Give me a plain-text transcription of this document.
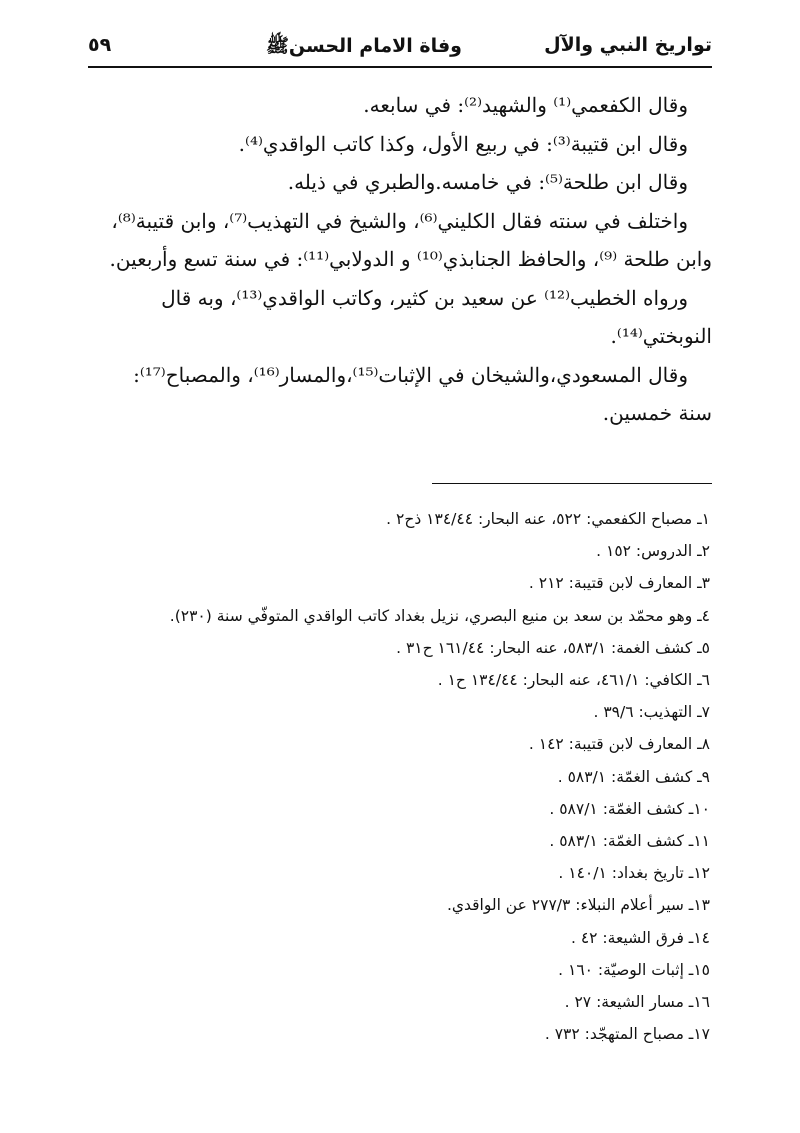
تواريخ النبي والآل
وفاة الامام الحسنﷺ
٥٩

وقال الكفعمي⁽¹⁾ والشهيد⁽²⁾: في سابعه.

وقال ابن قتيبة⁽³⁾: في ربيع الأول، وكذا كاتب الواقدي⁽⁴⁾.

وقال ابن طلحة⁽⁵⁾: في خامسه.والطبري في ذيله.

واختلف في سنته فقال الكليني⁽⁶⁾، والشيخ في التهذيب⁽⁷⁾، وابن قتيبة⁽⁸⁾، وابن طلحة ⁽⁹⁾، والحافظ الجنابذي⁽¹⁰⁾ و الدولابي⁽¹¹⁾: في سنة تسع وأربعين.

ورواه الخطيب⁽¹²⁾ عن سعيد بن كثير، وكاتب الواقدي⁽¹³⁾، وبه قال النوبختي⁽¹⁴⁾.

وقال المسعودي،والشيخان في الإثبات⁽¹⁵⁾،والمسار⁽¹⁶⁾، والمصباح⁽¹⁷⁾: سنة خمسين.

١ـ مصباح الكفعمي: ٥٢٢، عنه البحار: ١٣٤/٤٤ ذح٢ .
٢ـ الدروس: ١٥٢ .
٣ـ المعارف لابن قتيبة: ٢١٢ .
٤ـ وهو محمّد بن سعد بن منيع البصري، نزيل بغداد كاتب الواقدي المتوفّي سنة (٢٣٠).
٥ـ كشف الغمة: ٥٨٣/١، عنه البحار: ١٦١/٤٤ ح٣١ .
٦ـ الكافي: ٤٦١/١، عنه البحار: ١٣٤/٤٤ ح١ .
٧ـ التهذيب: ٣٩/٦ .
٨ـ المعارف لابن قتيبة: ١٤٢ .
٩ـ كشف الغمّة: ٥٨٣/١ .
١٠ـ كشف الغمّة: ٥٨٧/١ .
١١ـ كشف الغمّة: ٥٨٣/١ .
١٢ـ تاريخ بغداد: ١٤٠/١ .
١٣ـ سير أعلام النبلاء: ٢٧٧/٣ عن الواقدي.
١٤ـ فرق الشيعة: ٤٢ .
١٥ـ إثبات الوصيّة: ١٦٠ .
١٦ـ مسار الشيعة: ٢٧ .
١٧ـ مصباح المتهجّد: ٧٣٢ .
